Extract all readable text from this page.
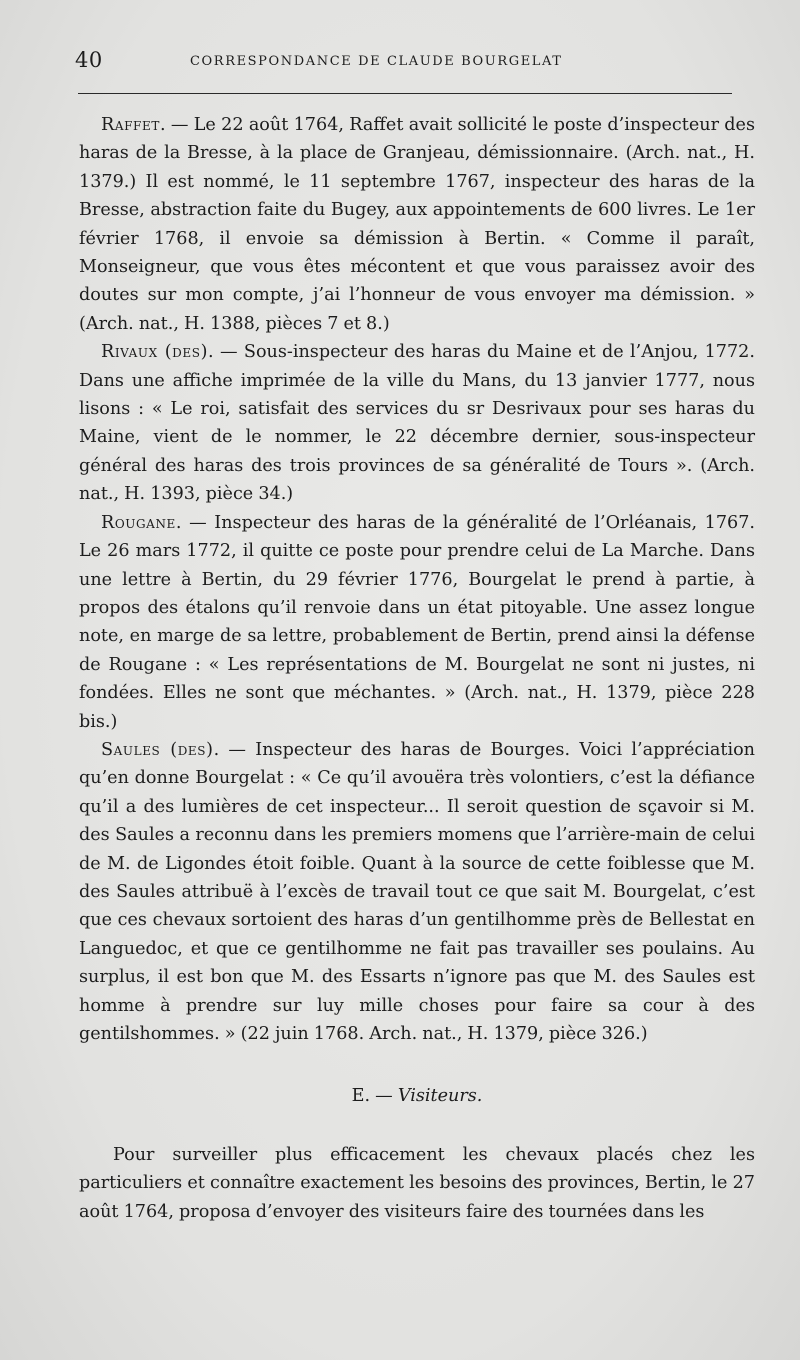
40	CORRESPONDANCE DE CLAUDE BOURGELAT

Raffet. — Le 22 août 1764, Raffet avait sollicité le poste d’inspecteur des haras de la Bresse, à la place de Granjeau, démissionnaire. (Arch. nat., H. 1379.) Il est nommé, le 11 septembre 1767, inspecteur des haras de la Bresse, abstraction faite du Bugey, aux appointements de 600 livres. Le 1er février 1768, il envoie sa démission à Bertin. « Comme il paraît, Monseigneur, que vous êtes mécontent et que vous paraissez avoir des doutes sur mon compte, j’ai l’honneur de vous envoyer ma démission. » (Arch. nat., H. 1388, pièces 7 et 8.)

Rivaux (des). — Sous-inspecteur des haras du Maine et de l’Anjou, 1772. Dans une affiche imprimée de la ville du Mans, du 13 janvier 1777, nous lisons : « Le roi, satisfait des services du sr Desrivaux pour ses haras du Maine, vient de le nommer, le 22 décembre dernier, sous-inspecteur général des haras des trois provinces de sa généralité de Tours ». (Arch. nat., H. 1393, pièce 34.)

Rougane. — Inspecteur des haras de la généralité de l’Orléanais, 1767. Le 26 mars 1772, il quitte ce poste pour prendre celui de La Marche. Dans une lettre à Bertin, du 29 février 1776, Bourgelat le prend à partie, à propos des étalons qu’il renvoie dans un état pitoyable. Une assez longue note, en marge de sa lettre, probablement de Bertin, prend ainsi la défense de Rougane : « Les représentations de M. Bourgelat ne sont ni justes, ni fondées. Elles ne sont que méchantes. » (Arch. nat., H. 1379, pièce 228 bis.)

Saules (des). — Inspecteur des haras de Bourges. Voici l’appréciation qu’en donne Bourgelat : « Ce qu’il avouëra très volontiers, c’est la défiance qu’il a des lumières de cet inspecteur... Il seroit question de sçavoir si M. des Saules a reconnu dans les premiers momens que l’arrière-main de celui de M. de Ligondes étoit foible. Quant à la source de cette foiblesse que M. des Saules attribuë à l’excès de travail tout ce que sait M. Bourgelat, c’est que ces chevaux sortoient des haras d’un gentilhomme près de Bellestat en Languedoc, et que ce gentilhomme ne fait pas travailler ses poulains. Au surplus, il est bon que M. des Essarts n’ignore pas que M. des Saules est homme à prendre sur luy mille choses pour faire sa cour à des gentilshommes. » (22 juin 1768. Arch. nat., H. 1379, pièce 326.)

E. — Visiteurs.

Pour surveiller plus efficacement les chevaux placés chez les particuliers et connaître exactement les besoins des provinces, Bertin, le 27 août 1764, proposa d’envoyer des visiteurs faire des tournées dans les
